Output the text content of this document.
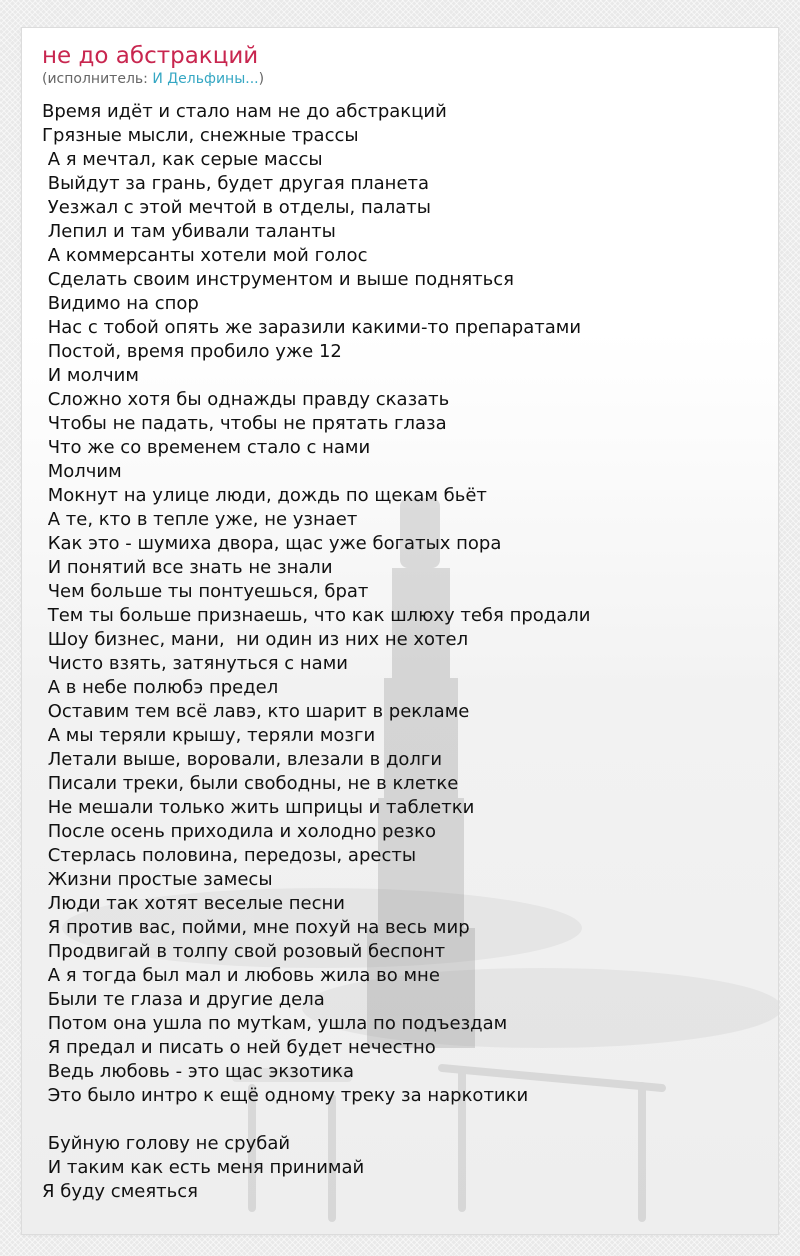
не до абстракций
(исполнитель: И Дельфины...)
Время идёт и стало нам не до абстракций
Грязные мысли, снежные трассы
А я мечтал, как серые массы
Выйдут за грань, будет другая планета
Уезжал с этой мечтой в отделы, палаты
Лепил и там убивали таланты
А коммерсанты хотели мой голос
Сделать своим инструментом и выше подняться
Видимо на спор
Нас с тобой опять же заразили какими-то препаратами
Постой, время пробило уже 12
И молчим
Сложно хотя бы однажды правду сказать
Чтобы не падать, чтобы не прятать глаза
Что же со временем стало с нами
Молчим
Мокнут на улице люди, дождь по щекам бьёт
А те, кто в тепле уже, не узнает
Как это - шумиха двора, щас уже богатых пора
И понятий все знать не знали
Чем больше ты понтуешься, брат
Тем ты больше признаешь, что как шлюху тебя продали
Шоу бизнес, мани,  ни один из них не хотел
Чисто взять, затянуться с нами
А в небе полюбэ предел
Оставим тем всё лавэ, кто шарит в рекламе
А мы теряли крышу, теряли мозги
Летали выше, воровали, влезали в долги
Писали треки, были свободны, не в клетке
Не мешали только жить шприцы и таблетки
После осень приходила и холодно резко
Стерлась половина, передозы, аресты
Жизни простые замесы
Люди так хотят веселые песни
Я против вас, пойми, мне похуй на весь мир
Продвигай в толпу свой розовый беспонт
А я тогда был мал и любовь жила во мне
Были те глаза и другие дела
Потом она ушла по мутkам, ушла по подъездам
Я предал и писать о ней будет нечестно
Ведь любовь - это щас экзотика
Это было интро к ещё одному треку за наркотики
Буйную голову не срубай
И таким как есть меня принимай
Я буду смеяться
